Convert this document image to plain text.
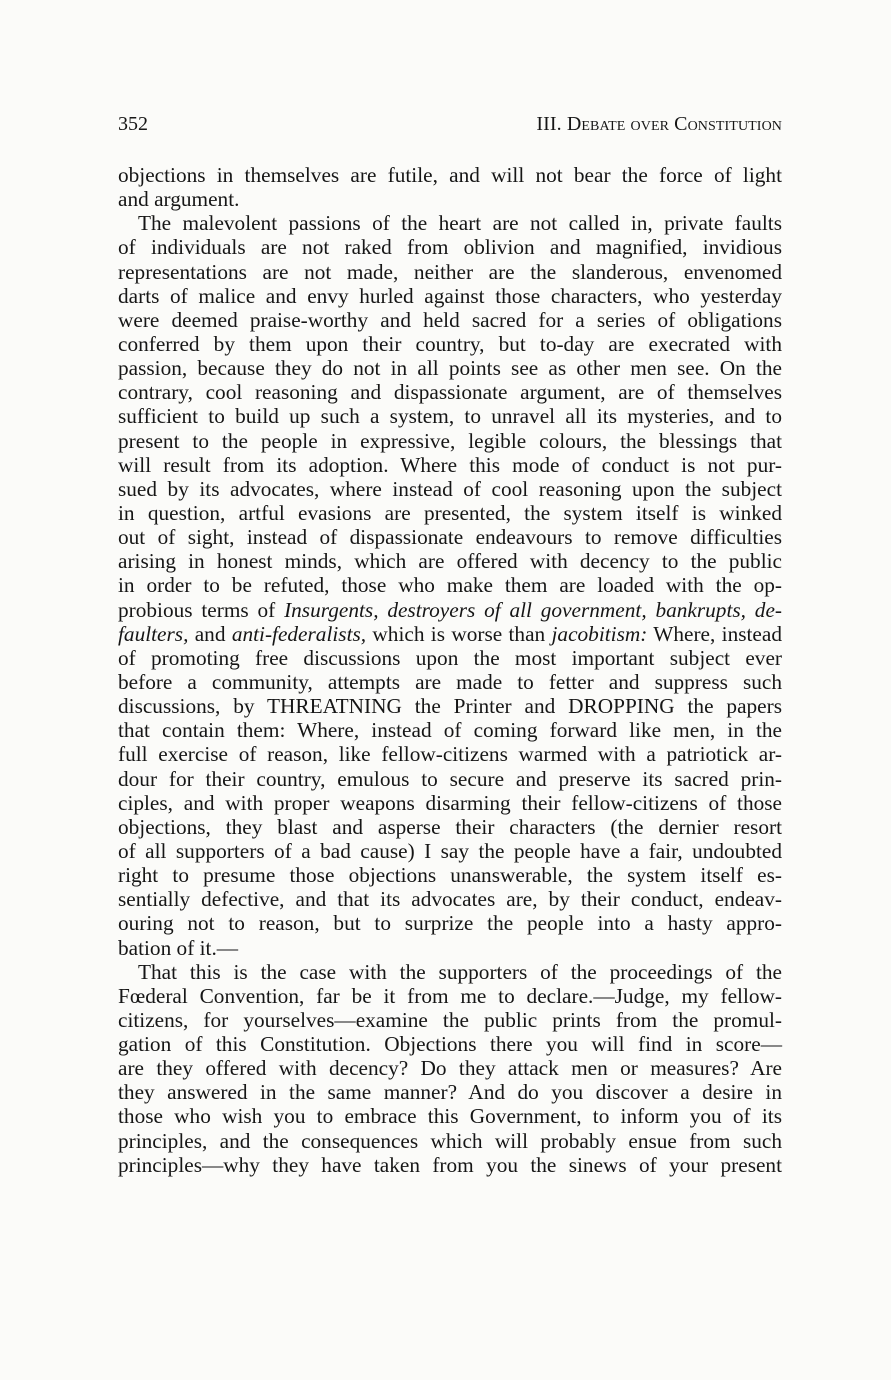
352	III. Debate over Constitution
objections in themselves are futile, and will not bear the force of light
and argument.
The malevolent passions of the heart are not called in, private faults
of individuals are not raked from oblivion and magnified, invidious
representations are not made, neither are the slanderous, envenomed
darts of malice and envy hurled against those characters, who yesterday
were deemed praise-worthy and held sacred for a series of obligations
conferred by them upon their country, but to-day are execrated with
passion, because they do not in all points see as other men see. On the
contrary, cool reasoning and dispassionate argument, are of themselves
sufficient to build up such a system, to unravel all its mysteries, and to
present to the people in expressive, legible colours, the blessings that
will result from its adoption. Where this mode of conduct is not pur-
sued by its advocates, where instead of cool reasoning upon the subject
in question, artful evasions are presented, the system itself is winked
out of sight, instead of dispassionate endeavours to remove difficulties
arising in honest minds, which are offered with decency to the public
in order to be refuted, those who make them are loaded with the op-
probious terms of Insurgents, destroyers of all government, bankrupts, de-
faulters, and anti-federalists, which is worse than jacobitism: Where, instead
of promoting free discussions upon the most important subject ever
before a community, attempts are made to fetter and suppress such
discussions, by THREATNING the Printer and DROPPING the papers
that contain them: Where, instead of coming forward like men, in the
full exercise of reason, like fellow-citizens warmed with a patriotick ar-
dour for their country, emulous to secure and preserve its sacred prin-
ciples, and with proper weapons disarming their fellow-citizens of those
objections, they blast and asperse their characters (the dernier resort
of all supporters of a bad cause) I say the people have a fair, undoubted
right to presume those objections unanswerable, the system itself es-
sentially defective, and that its advocates are, by their conduct, endeav-
ouring not to reason, but to surprize the people into a hasty appro-
bation of it.—
That this is the case with the supporters of the proceedings of the
Fœderal Convention, far be it from me to declare.—Judge, my fellow-
citizens, for yourselves—examine the public prints from the promul-
gation of this Constitution. Objections there you will find in score—
are they offered with decency? Do they attack men or measures? Are
they answered in the same manner? And do you discover a desire in
those who wish you to embrace this Government, to inform you of its
principles, and the consequences which will probably ensue from such
principles—why they have taken from you the sinews of your present
